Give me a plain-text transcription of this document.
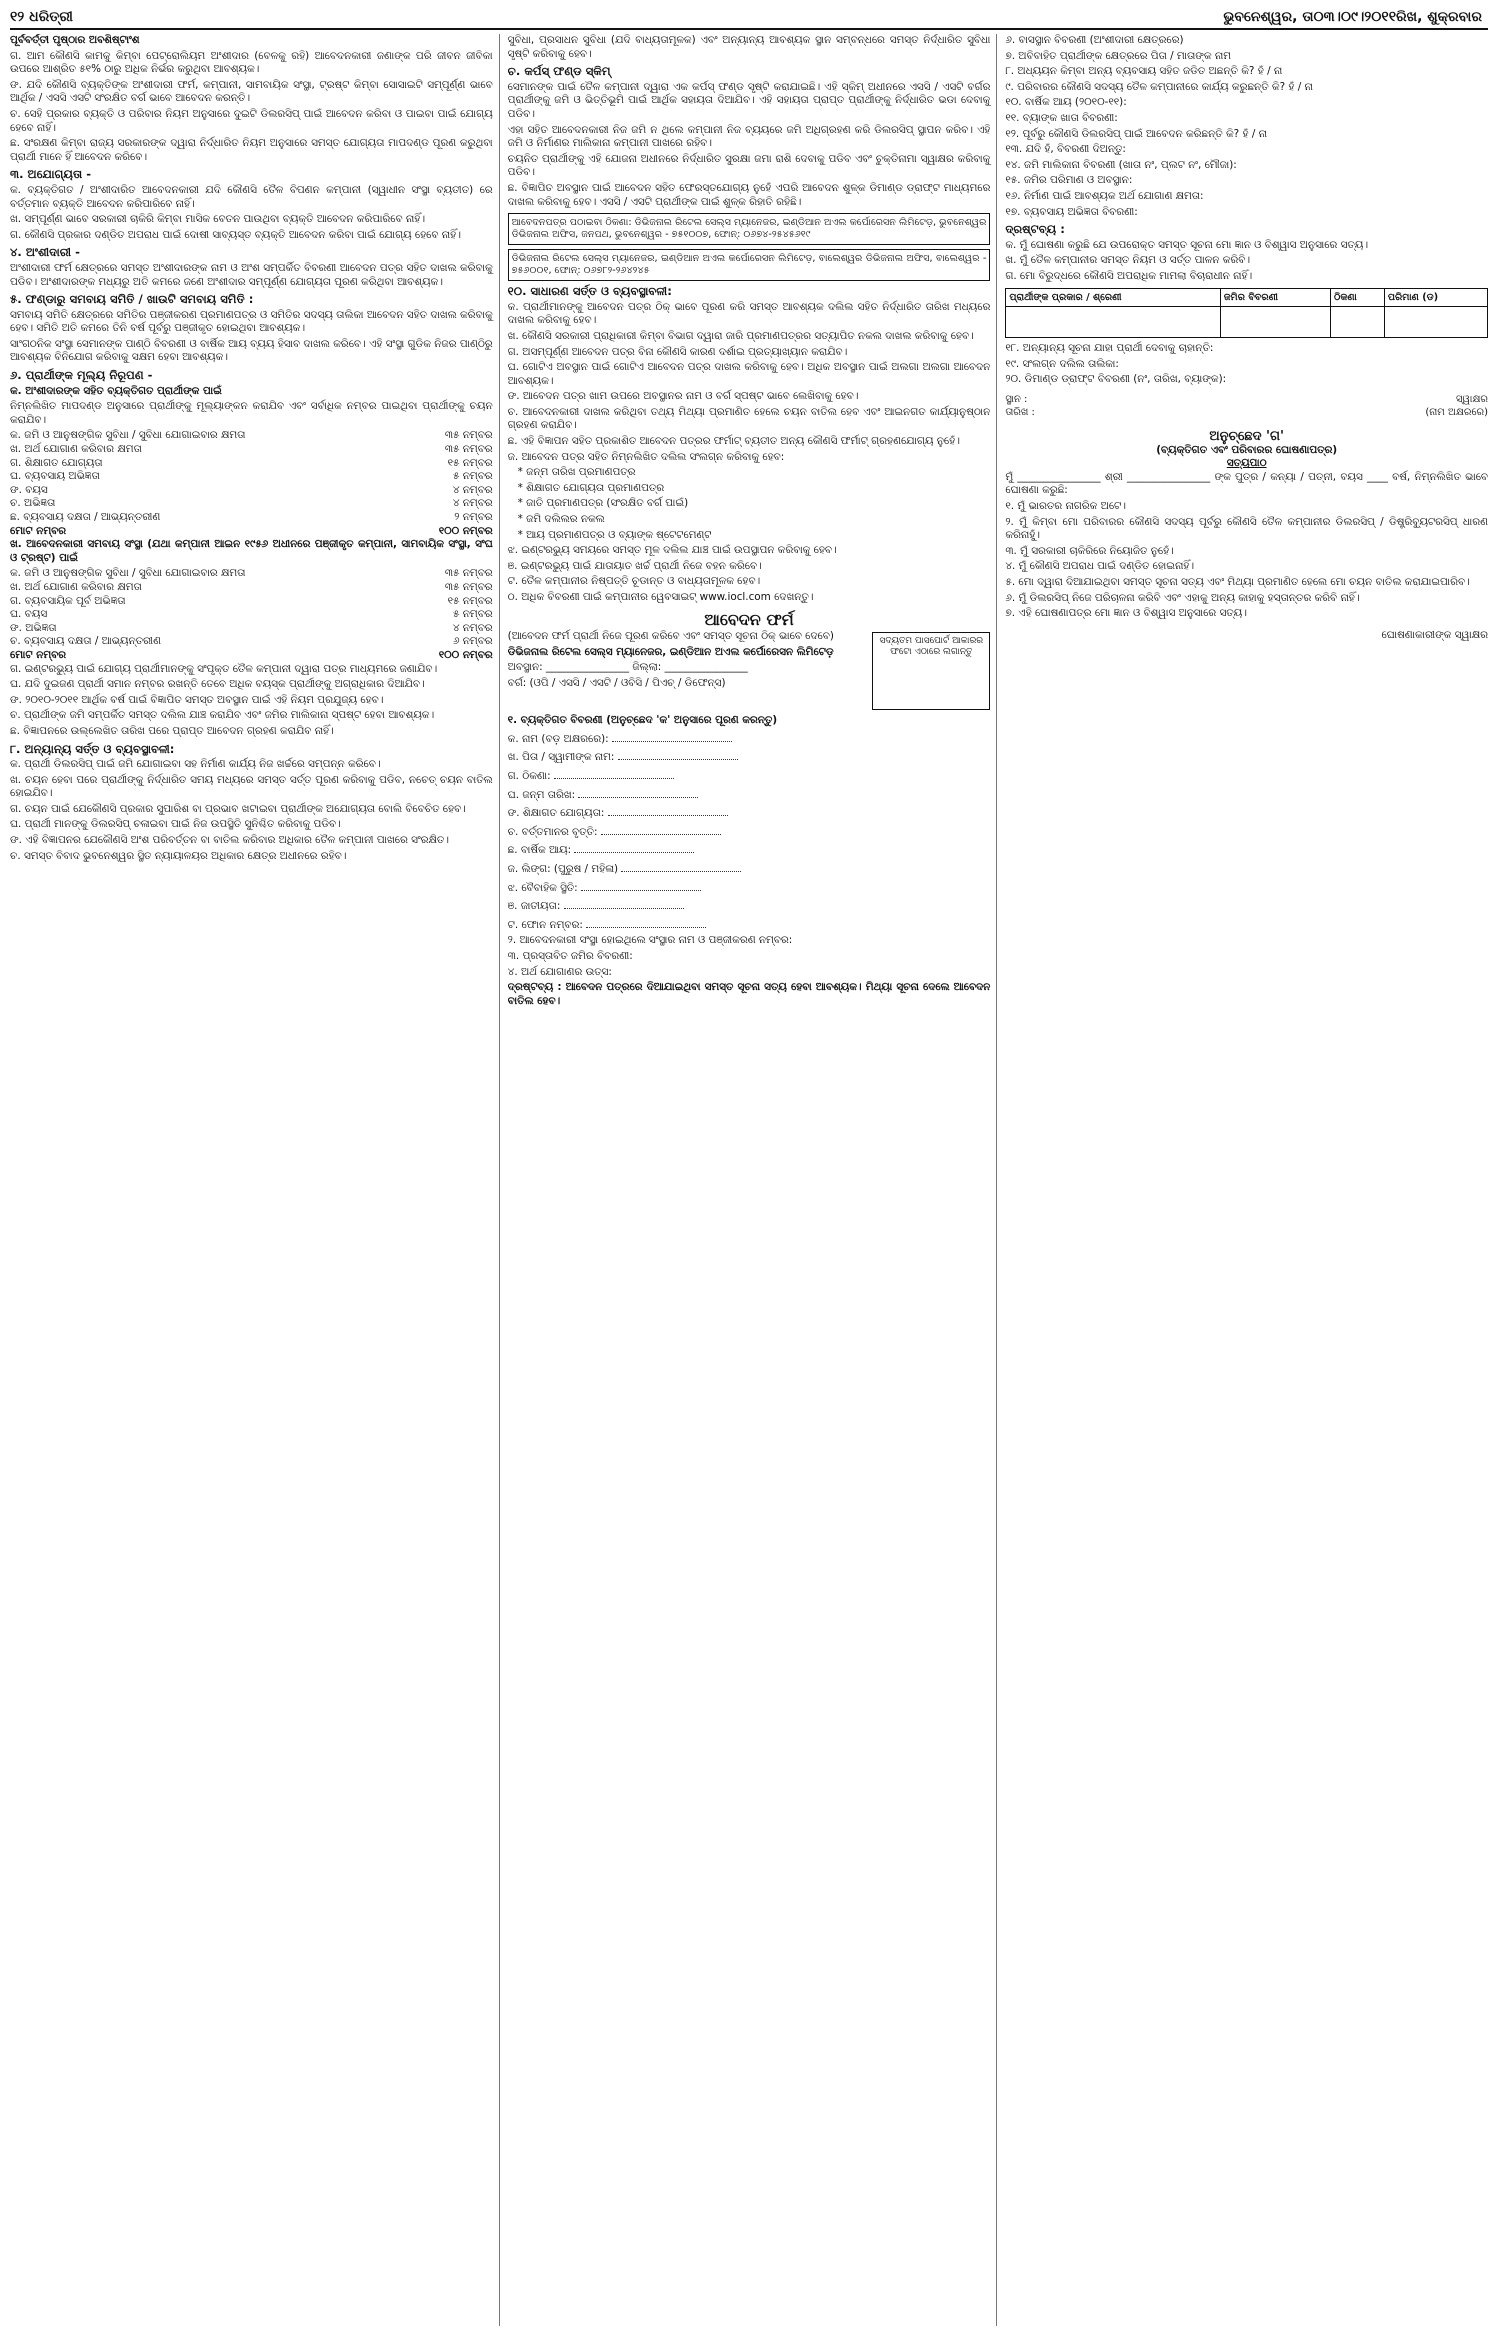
୧୨ ଧରିତ୍ରୀ	ଭୁବନେଶ୍ୱର, ତା୦୩।୦୯।୨୦୧୧ରିଖ, ଶୁକ୍ରବାର

ପୂର୍ବବର୍ତ୍ତୀ ପୃଷ୍ଠାର ଅବଶିଷ୍ଟାଂଶ

ଗ. ଆମ କୌଣସି କାମକୁ କିମ୍ବା ପେଟ୍ରୋଲିୟମ ଅଂଶୀଦାର (ବେଳକୁ ରହି) ଆବେଦନକାରୀ ଜଣାଙ୍କ ପରି ଜୀବନ ଜୀବିକା ଉପରେ ଆଶ୍ରିତ ୫୧% ଠାରୁ ଅଧିକ ନିର୍ଭର କରୁଥିବା ଆବଶ୍ୟକ।

ଙ. ଯଦି କୌଣସି ବ୍ୟକ୍ତିଙ୍କ ଅଂଶୀଦାରୀ ଫର୍ମ, କମ୍ପାନୀ, ସାମବାୟିକ ସଂସ୍ଥା, ଟ୍ରଷ୍ଟ କିମ୍ବା ସୋସାଇଟି ସମ୍ପୂର୍ଣ୍ଣ ଭାବେ ଆର୍ଥିକ / ଏସସି ଏସଟି ସଂରକ୍ଷିତ ବର୍ଗ ଭାବେ ଆବେଦନ କରନ୍ତି।

ଚ. ସେହି ପ୍ରକାର ବ୍ୟକ୍ତି ଓ ପରିବାର ନିୟମ ଅନୁସାରେ ଦୁଇଟି ଡିଲରସିପ୍ ପାଇଁ ଆବେଦନ କରିବା ଓ ପାଇବା ପାଇଁ ଯୋଗ୍ୟ ହେବେ ନାହିଁ।

ଛ. ସଂରକ୍ଷଣ କିମ୍ବା ରାଜ୍ୟ ସରକାରଙ୍କ ଦ୍ୱାରା ନିର୍ଦ୍ଧାରିତ ନିୟମ ଅନୁସାରେ ସମସ୍ତ ଯୋଗ୍ୟତା ମାପଦଣ୍ଡ ପୂରଣ କରୁଥିବା ପ୍ରାର୍ଥୀ ମାନେ ହିଁ ଆବେଦନ କରିବେ।

୩. ଅଯୋଗ୍ୟତା -

କ. ବ୍ୟକ୍ତିଗତ / ଅଂଶୀଦାରିତ ଆବେଦନକାରୀ ଯଦି କୌଣସି ତୈଳ ବିପଣନ କମ୍ପାନୀ (ସ୍ୱାଧୀନ ସଂସ୍ଥା ବ୍ୟତୀତ) ରେ ବର୍ତ୍ତମାନ ବ୍ୟକ୍ତି ଆବେଦନ କରିପାରିବେ ନାହିଁ।

ଖ. ସମ୍ପୂର୍ଣ୍ଣ ଭାବେ ସରକାରୀ ଚାକିରି କିମ୍ବା ମାସିକ ବେତନ ପାଉଥିବା ବ୍ୟକ୍ତି ଆବେଦନ କରିପାରିବେ ନାହିଁ।

ଗ. କୌଣସି ପ୍ରକାର ଦଣ୍ଡିତ ଅପରାଧ ପାଇଁ ଦୋଷୀ ସାବ୍ୟସ୍ତ ବ୍ୟକ୍ତି ଆବେଦନ କରିବା ପାଇଁ ଯୋଗ୍ୟ ହେବେ ନାହିଁ।

୪. ଅଂଶୀଦାରୀ -

ଅଂଶୀଦାରୀ ଫର୍ମ କ୍ଷେତ୍ରରେ ସମସ୍ତ ଅଂଶୀଦାରଙ୍କ ନାମ ଓ ଅଂଶ ସମ୍ପର୍କିତ ବିବରଣୀ ଆବେଦନ ପତ୍ର ସହିତ ଦାଖଲ କରିବାକୁ ପଡିବ। ଅଂଶୀଦାରଙ୍କ ମଧ୍ୟରୁ ଅତି କମରେ ଜଣେ ଅଂଶୀଦାର ସମ୍ପୂର୍ଣ୍ଣ ଯୋଗ୍ୟତା ପୂରଣ କରିଥିବା ଆବଶ୍ୟକ।

୫. ଫଣ୍ଡାରୁ ସମବାୟ ସମିତି / ଖାଉଟି ସମବାୟ ସମିତି :

ସମବାୟ ସମିତି କ୍ଷେତ୍ରରେ ସମିତିର ପଞ୍ଜୀକରଣ ପ୍ରମାଣପତ୍ର ଓ ସମିତିର ସଦସ୍ୟ ତାଲିକା ଆବେଦନ ସହିତ ଦାଖଲ କରିବାକୁ ହେବ। ସମିତି ଅତି କମରେ ତିନି ବର୍ଷ ପୂର୍ବରୁ ପଞ୍ଜୀକୃତ ହୋଇଥିବା ଆବଶ୍ୟକ।

ସାଂଗଠନିକ ସଂସ୍ଥା ସେମାନଙ୍କ ପାଣ୍ଠି ବିବରଣୀ ଓ ବାର୍ଷିକ ଆୟ ବ୍ୟୟ ହିସାବ ଦାଖଲ କରିବେ। ଏହି ସଂସ୍ଥା ଗୁଡିକ ନିଜର ପାଣ୍ଠିରୁ ଆବଶ୍ୟକ ବିନିଯୋଗ କରିବାକୁ ସକ୍ଷମ ହେବା ଆବଶ୍ୟକ।

୬. ପ୍ରାର୍ଥୀଙ୍କ ମୂଲ୍ୟ ନିରୂପଣ -

କ. ଅଂଶୀଦାରଙ୍କ ସହିତ ବ୍ୟକ୍ତିଗତ ପ୍ରାର୍ଥୀଙ୍କ ପାଇଁ

ନିମ୍ନଲିଖିତ ମାପଦଣ୍ଡ ଅନୁସାରେ ପ୍ରାର୍ଥୀଙ୍କୁ ମୂଲ୍ୟାଙ୍କନ କରାଯିବ ଏବଂ ସର୍ବାଧିକ ନମ୍ବର ପାଇଥିବା ପ୍ରାର୍ଥୀଙ୍କୁ ଚୟନ କରାଯିବ।

କ. ଜମି ଓ ଆନୁଷଙ୍ଗିକ ସୁବିଧା / ସୁବିଧା ଯୋଗାଇବାର କ୍ଷମତା	୩୫ ନମ୍ବର
ଖ. ଅର୍ଥ ଯୋଗାଣ କରିବାର କ୍ଷମତା	୩୫ ନମ୍ବର
ଗ. ଶିକ୍ଷାଗତ ଯୋଗ୍ୟତା	୧୫ ନମ୍ବର
ଘ. ବ୍ୟବସାୟ ଅଭିଜ୍ଞତା	୫ ନମ୍ବର
ଙ. ବୟସ	୪ ନମ୍ବର
ଚ. ଅଭିଜ୍ଞତା	୪ ନମ୍ବର
ଛ. ବ୍ୟବସାୟ ଦକ୍ଷତା / ଆଭ୍ୟନ୍ତରୀଣ	୨ ନମ୍ବର
ମୋଟ ନମ୍ବର	୧୦୦ ନମ୍ବର

ଖ. ଆବେଦନକାରୀ ସମବାୟ ସଂସ୍ଥା (ଯଥା କମ୍ପାନୀ ଆଇନ ୧୯୫୬ ଅଧୀନରେ ପଞ୍ଜୀକୃତ କମ୍ପାନୀ, ସାମବାୟିକ ସଂସ୍ଥା, ସଂଘ ଓ ଟ୍ରଷ୍ଟ) ପାଇଁ

କ. ଜମି ଓ ଆନୁଷଙ୍ଗିକ ସୁବିଧା / ସୁବିଧା ଯୋଗାଇବାର କ୍ଷମତା	୩୫ ନମ୍ବର
ଖ. ଅର୍ଥ ଯୋଗାଣ କରିବାର କ୍ଷମତା	୩୫ ନମ୍ବର
ଗ. ବ୍ୟବସାୟିକ ପୂର୍ବ ଅଭିଜ୍ଞତା	୧୫ ନମ୍ବର
ଘ. ବୟସ	୫ ନମ୍ବର
ଙ. ଅଭିଜ୍ଞତା	୪ ନମ୍ବର
ଚ. ବ୍ୟବସାୟ ଦକ୍ଷତା / ଆଭ୍ୟନ୍ତରୀଣ	୬ ନମ୍ବର
ମୋଟ ନମ୍ବର	୧୦୦ ନମ୍ବର

ଗ. ଇଣ୍ଟରଭ୍ୟୁ ପାଇଁ ଯୋଗ୍ୟ ପ୍ରାର୍ଥୀମାନଙ୍କୁ ସଂପୃକ୍ତ ତୈଳ କମ୍ପାନୀ ଦ୍ୱାରା ପତ୍ର ମାଧ୍ୟମରେ ଜଣାଯିବ।

ଘ. ଯଦି ଦୁଇଜଣ ପ୍ରାର୍ଥୀ ସମାନ ନମ୍ବର ରଖନ୍ତି ତେବେ ଅଧିକ ବୟସ୍କ ପ୍ରାର୍ଥୀଙ୍କୁ ଅଗ୍ରାଧିକାର ଦିଆଯିବ।

ଙ. ୨୦୧୦-୨୦୧୧ ଆର୍ଥିକ ବର୍ଷ ପାଇଁ ବିଜ୍ଞାପିତ ସମସ୍ତ ଅବସ୍ଥାନ ପାଇଁ ଏହି ନିୟମ ପ୍ରଯୁଜ୍ୟ ହେବ।

ଚ. ପ୍ରାର୍ଥୀଙ୍କ ଜମି ସମ୍ପର୍କିତ ସମସ୍ତ ଦଲିଲ ଯାଞ୍ଚ କରାଯିବ ଏବଂ ଜମିର ମାଲିକାନା ସ୍ପଷ୍ଟ ହେବା ଆବଶ୍ୟକ।

ଛ. ବିଜ୍ଞାପନରେ ଉଲ୍ଲେଖିତ ତାରିଖ ପରେ ପ୍ରାପ୍ତ ଆବେଦନ ଗ୍ରହଣ କରାଯିବ ନାହିଁ।

୮. ଅନ୍ୟାନ୍ୟ ସର୍ତ୍ତ ଓ ବ୍ୟବସ୍ଥାବଳୀ:

କ. ପ୍ରାର୍ଥୀ ଡିଲରସିପ୍ ପାଇଁ ଜମି ଯୋଗାଇବା ସହ ନିର୍ମାଣ କାର୍ଯ୍ୟ ନିଜ ଖର୍ଚ୍ଚରେ ସମ୍ପନ୍ନ କରିବେ।

ଖ. ଚୟନ ହେବା ପରେ ପ୍ରାର୍ଥୀଙ୍କୁ ନିର୍ଦ୍ଧାରିତ ସମୟ ମଧ୍ୟରେ ସମସ୍ତ ସର୍ତ୍ତ ପୂରଣ କରିବାକୁ ପଡିବ, ନଚେତ୍ ଚୟନ ବାତିଲ ହୋଇଯିବ।

ଗ. ଚୟନ ପାଇଁ ଯେକୌଣସି ପ୍ରକାର ସୁପାରିଶ ବା ପ୍ରଭାବ ଖଟାଇବା ପ୍ରାର୍ଥୀଙ୍କ ଅଯୋଗ୍ୟତା ବୋଲି ବିବେଚିତ ହେବ।

ଘ. ପ୍ରାର୍ଥୀ ମାନଙ୍କୁ ଡିଲରସିପ୍ ଚଳାଇବା ପାଇଁ ନିଜ ଉପସ୍ଥିତି ସୁନିଶ୍ଚିତ କରିବାକୁ ପଡିବ।

ଙ. ଏହି ବିଜ୍ଞାପନର ଯେକୌଣସି ଅଂଶ ପରିବର୍ତ୍ତନ ବା ବାତିଲ କରିବାର ଅଧିକାର ତୈଳ କମ୍ପାନୀ ପାଖରେ ସଂରକ୍ଷିତ।

ଚ. ସମସ୍ତ ବିବାଦ ଭୁବନେଶ୍ୱର ସ୍ଥିତ ନ୍ୟାୟାଳୟର ଅଧିକାର କ୍ଷେତ୍ର ଅଧୀନରେ ରହିବ।

ସୁବିଧା, ପ୍ରସାଧନ ସୁବିଧା (ଯଦି ବାଧ୍ୟତାମୂଳକ) ଏବଂ ଅନ୍ୟାନ୍ୟ ଆବଶ୍ୟକ ସ୍ଥାନ ସମ୍ବନ୍ଧରେ ସମସ୍ତ ନିର୍ଦ୍ଧାରିତ ସୁବିଧା ସୃଷ୍ଟି କରିବାକୁ ହେବ।

ଚ. କର୍ପସ୍ ଫଣ୍ଡ ସ୍କିମ୍

ସେମାନଙ୍କ ପାଇଁ ତୈଳ କମ୍ପାନୀ ଦ୍ୱାରା ଏକ କର୍ପସ୍ ଫଣ୍ଡ ସୃଷ୍ଟି କରାଯାଇଛି। ଏହି ସ୍କିମ୍ ଅଧୀନରେ ଏସସି / ଏସଟି ବର୍ଗର ପ୍ରାର୍ଥୀଙ୍କୁ ଜମି ଓ ଭିତ୍ତିଭୂମି ପାଇଁ ଆର୍ଥିକ ସହାୟତା ଦିଆଯିବ। ଏହି ସହାୟତା ପ୍ରାପ୍ତ ପ୍ରାର୍ଥୀଙ୍କୁ ନିର୍ଦ୍ଧାରିତ ଭଡା ଦେବାକୁ ପଡିବ।

ଏହା ସହିତ ଆବେଦନକାରୀ ନିଜ ଜମି ନ ଥିଲେ କମ୍ପାନୀ ନିଜ ବ୍ୟୟରେ ଜମି ଅଧିଗ୍ରହଣ କରି ଡିଲରସିପ୍ ସ୍ଥାପନ କରିବ। ଏହି ଜମି ଓ ନିର୍ମାଣର ମାଲିକାନା କମ୍ପାନୀ ପାଖରେ ରହିବ।

ଚୟନିତ ପ୍ରାର୍ଥୀଙ୍କୁ ଏହି ଯୋଜନା ଅଧୀନରେ ନିର୍ଦ୍ଧାରିତ ସୁରକ୍ଷା ଜମା ରାଶି ଦେବାକୁ ପଡିବ ଏବଂ ଚୁକ୍ତିନାମା ସ୍ୱାକ୍ଷର କରିବାକୁ ପଡିବ।

ଛ. ବିଜ୍ଞାପିତ ଅବସ୍ଥାନ ପାଇଁ ଆବେଦନ ସହିତ ଫେରସ୍ତଯୋଗ୍ୟ ନୁହେଁ ଏପରି ଆବେଦନ ଶୁଳ୍କ ଡିମାଣ୍ଡ ଡ୍ରାଫ୍ଟ ମାଧ୍ୟମରେ ଦାଖଲ କରିବାକୁ ହେବ। ଏସସି / ଏସଟି ପ୍ରାର୍ଥୀଙ୍କ ପାଇଁ ଶୁଳ୍କ ରିହାତି ରହିଛି।

ଆବେଦନପତ୍ର ପଠାଇବା ଠିକଣା: ଡିଭିଜନାଲ ରିଟେଲ ସେଲ୍ସ ମ୍ୟାନେଜର, ଇଣ୍ଡିଆନ ଅଏଲ କର୍ପୋରେସନ ଲିମିଟେଡ଼, ଭୁବନେଶ୍ୱର ଡିଭିଜନାଲ ଅଫିସ, ଜନପଥ, ଭୁବନେଶ୍ୱର - ୭୫୧୦୦୭, ଫୋନ୍: ୦୬୭୪-୨୫୪୫୬୧୯
ଡିଭିଜନାଲ ରିଟେଲ ସେଲ୍ସ ମ୍ୟାନେଜର, ଇଣ୍ଡିଆନ ଅଏଲ କର୍ପୋରେସନ ଲିମିଟେଡ଼, ବାଲେଶ୍ୱର ଡିଭିଜନାଲ ଅଫିସ, ବାଲେଶ୍ୱର - ୭୫୬୦୦୧, ଫୋନ୍: ୦୬୭୮୨-୨୬୪୨୪୫
୧୦. ସାଧାରଣ ସର୍ତ୍ତ ଓ ବ୍ୟବସ୍ଥାବଳୀ:

କ. ପ୍ରାର୍ଥୀମାନଙ୍କୁ ଆବେଦନ ପତ୍ର ଠିକ୍ ଭାବେ ପୂରଣ କରି ସମସ୍ତ ଆବଶ୍ୟକ ଦଲିଲ ସହିତ ନିର୍ଦ୍ଧାରିତ ତାରିଖ ମଧ୍ୟରେ ଦାଖଲ କରିବାକୁ ହେବ।

ଖ. କୌଣସି ସରକାରୀ ପ୍ରାଧିକାରୀ କିମ୍ବା ବିଭାଗ ଦ୍ୱାରା ଜାରି ପ୍ରମାଣପତ୍ରର ସତ୍ୟାପିତ ନକଲ ଦାଖଲ କରିବାକୁ ହେବ।

ଗ. ଅସମ୍ପୂର୍ଣ୍ଣ ଆବେଦନ ପତ୍ର ବିନା କୌଣସି କାରଣ ଦର୍ଶାଇ ପ୍ରତ୍ୟାଖ୍ୟାନ କରାଯିବ।

ଘ. ଗୋଟିଏ ଅବସ୍ଥାନ ପାଇଁ ଗୋଟିଏ ଆବେଦନ ପତ୍ର ଦାଖଲ କରିବାକୁ ହେବ। ଅଧିକ ଅବସ୍ଥାନ ପାଇଁ ଅଲଗା ଅଲଗା ଆବେଦନ ଆବଶ୍ୟକ।

ଙ. ଆବେଦନ ପତ୍ର ଖାମ ଉପରେ ଅବସ୍ଥାନର ନାମ ଓ ବର୍ଗ ସ୍ପଷ୍ଟ ଭାବେ ଲେଖିବାକୁ ହେବ।

ଚ. ଆବେଦନକାରୀ ଦାଖଲ କରିଥିବା ତଥ୍ୟ ମିଥ୍ୟା ପ୍ରମାଣିତ ହେଲେ ଚୟନ ବାତିଲ ହେବ ଏବଂ ଆଇନଗତ କାର୍ଯ୍ୟାନୁଷ୍ଠାନ ଗ୍ରହଣ କରାଯିବ।

ଛ. ଏହି ବିଜ୍ଞାପନ ସହିତ ପ୍ରକାଶିତ ଆବେଦନ ପତ୍ରର ଫର୍ମାଟ୍ ବ୍ୟତୀତ ଅନ୍ୟ କୌଣସି ଫର୍ମାଟ୍ ଗ୍ରହଣଯୋଗ୍ୟ ନୁହେଁ।

ଜ. ଆବେଦନ ପତ୍ର ସହିତ ନିମ୍ନଲିଖିତ ଦଲିଲ ସଂଲଗ୍ନ କରିବାକୁ ହେବ:

* ଜନ୍ମ ତାରିଖ ପ୍ରମାଣପତ୍ର

* ଶିକ୍ଷାଗତ ଯୋଗ୍ୟତା ପ୍ରମାଣପତ୍ର

* ଜାତି ପ୍ରମାଣପତ୍ର (ସଂରକ୍ଷିତ ବର୍ଗ ପାଇଁ)

* ଜମି ଦଲିଲର ନକଲ

* ଆୟ ପ୍ରମାଣପତ୍ର ଓ ବ୍ୟାଙ୍କ ଷ୍ଟେଟମେଣ୍ଟ

ଝ. ଇଣ୍ଟରଭ୍ୟୁ ସମୟରେ ସମସ୍ତ ମୂଳ ଦଲିଲ ଯାଞ୍ଚ ପାଇଁ ଉପସ୍ଥାପନ କରିବାକୁ ହେବ।

ଞ. ଇଣ୍ଟରଭ୍ୟୁ ପାଇଁ ଯାତାୟାତ ଖର୍ଚ୍ଚ ପ୍ରାର୍ଥୀ ନିଜେ ବହନ କରିବେ।

ଟ. ତୈଳ କମ୍ପାନୀର ନିଷ୍ପତ୍ତି ଚୂଡାନ୍ତ ଓ ବାଧ୍ୟତାମୂଳକ ହେବ।

ଠ. ଅଧିକ ବିବରଣୀ ପାଇଁ କମ୍ପାନୀର ୱେବସାଇଟ୍ www.iocl.com ଦେଖନ୍ତୁ।

ଆବେଦନ ଫର୍ମ
ସଦ୍ୟତମ ପାସପୋର୍ଟ ଆକାରର ଫଟୋ ଏଠାରେ ଲଗାନ୍ତୁ

(ଆବେଦନ ଫର୍ମ ପ୍ରାର୍ଥୀ ନିଜେ ପୂରଣ କରିବେ ଏବଂ ସମସ୍ତ ସୂଚନା ଠିକ୍ ଭାବେ ଦେବେ)

ଡିଭିଜନାଲ ରିଟେଲ ସେଲ୍ସ ମ୍ୟାନେଜର, ଇଣ୍ଡିଆନ ଅଏଲ କର୍ପୋରେସନ ଲିମିଟେଡ଼

ଅବସ୍ଥାନ: ________________ ଜିଲ୍ଲା: ________________

ବର୍ଗ: (ଓପି / ଏସସି / ଏସଟି / ଓବିସି / ପିଏଚ୍ / ଡିଫେନ୍ସ)

୧. ବ୍ୟକ୍ତିଗତ ବିବରଣୀ (ଅନୁଚ୍ଛେଦ 'କ' ଅନୁସାରେ ପୂରଣ କରନ୍ତୁ)

କ. ନାମ (ବଡ଼ ଅକ୍ଷରରେ):

ଖ. ପିତା / ସ୍ୱାମୀଙ୍କ ନାମ:

ଗ. ଠିକଣା:

ଘ. ଜନ୍ମ ତାରିଖ:

ଙ. ଶିକ୍ଷାଗତ ଯୋଗ୍ୟତା:

ଚ. ବର୍ତ୍ତମାନର ବୃତ୍ତି:

ଛ. ବାର୍ଷିକ ଆୟ:

ଜ. ଲିଙ୍ଗ: (ପୁରୁଷ / ମହିଳା)

ଝ. ବୈବାହିକ ସ୍ଥିତି:

ଞ. ଜାତୀୟତା:

ଟ. ଫୋନ ନମ୍ବର:

୨. ଆବେଦନକାରୀ ସଂସ୍ଥା ହୋଇଥିଲେ ସଂସ୍ଥାର ନାମ ଓ ପଞ୍ଜୀକରଣ ନମ୍ବର:

୩. ପ୍ରସ୍ତାବିତ ଜମିର ବିବରଣୀ:

୪. ଅର୍ଥ ଯୋଗାଣର ଉତ୍ସ:

ଦ୍ରଷ୍ଟବ୍ୟ : ଆବେଦନ ପତ୍ରରେ ଦିଆଯାଇଥିବା ସମସ୍ତ ସୂଚନା ସତ୍ୟ ହେବା ଆବଶ୍ୟକ। ମିଥ୍ୟା ସୂଚନା ଦେଲେ ଆବେଦନ ବାତିଲ ହେବ।

୬. ବାସସ୍ଥାନ ବିବରଣୀ (ଅଂଶୀଦାରୀ କ୍ଷେତ୍ରରେ)

୭. ଅବିବାହିତ ପ୍ରାର୍ଥୀଙ୍କ କ୍ଷେତ୍ରରେ ପିତା / ମାତାଙ୍କ ନାମ

୮. ଅଧ୍ୟୟନ କିମ୍ବା ଅନ୍ୟ ବ୍ୟବସାୟ ସହିତ ଜଡିତ ଅଛନ୍ତି କି? ହଁ / ନା

୯. ପରିବାରର କୌଣସି ସଦସ୍ୟ ତୈଳ କମ୍ପାନୀରେ କାର୍ଯ୍ୟ କରୁଛନ୍ତି କି? ହଁ / ନା

୧୦. ବାର୍ଷିକ ଆୟ (୨୦୧୦-୧୧):

୧୧. ବ୍ୟାଙ୍କ ଖାତା ବିବରଣୀ:

୧୨. ପୂର୍ବରୁ କୌଣସି ଡିଲରସିପ୍ ପାଇଁ ଆବେଦନ କରିଛନ୍ତି କି? ହଁ / ନା

୧୩. ଯଦି ହଁ, ବିବରଣୀ ଦିଅନ୍ତୁ:

୧୪. ଜମି ମାଲିକାନା ବିବରଣୀ (ଖାତା ନଂ, ପ୍ଲଟ ନଂ, ମୌଜା):

୧୫. ଜମିର ପରିମାଣ ଓ ଅବସ୍ଥାନ:

୧୬. ନିର୍ମାଣ ପାଇଁ ଆବଶ୍ୟକ ଅର୍ଥ ଯୋଗାଣ କ୍ଷମତା:

୧୭. ବ୍ୟବସାୟ ଅଭିଜ୍ଞତା ବିବରଣୀ:

ଦ୍ରଷ୍ଟବ୍ୟ :

କ. ମୁଁ ଘୋଷଣା କରୁଛି ଯେ ଉପରୋକ୍ତ ସମସ୍ତ ସୂଚନା ମୋ ଜ୍ଞାନ ଓ ବିଶ୍ୱାସ ଅନୁସାରେ ସତ୍ୟ।

ଖ. ମୁଁ ତୈଳ କମ୍ପାନୀର ସମସ୍ତ ନିୟମ ଓ ସର୍ତ୍ତ ପାଳନ କରିବି।

ଗ. ମୋ ବିରୁଦ୍ଧରେ କୌଣସି ଅପରାଧିକ ମାମଲା ବିଚାରାଧୀନ ନାହିଁ।

ପ୍ରାର୍ଥୀଙ୍କ ପ୍ରକାର / ଶ୍ରେଣୀ	ଜମିର ବିବରଣୀ	ଠିକଣା	ପରିମାଣ (ଡ)

୧୮. ଅନ୍ୟାନ୍ୟ ସୂଚନା ଯାହା ପ୍ରାର୍ଥୀ ଦେବାକୁ ଚାହାନ୍ତି:

୧୯. ସଂଲଗ୍ନ ଦଲିଲ ତାଲିକା:

୨୦. ଡିମାଣ୍ଡ ଡ୍ରାଫ୍ଟ ବିବରଣୀ (ନଂ, ତାରିଖ, ବ୍ୟାଙ୍କ):

ସ୍ଥାନ :
ତାରିଖ :
ସ୍ୱାକ୍ଷର
(ନାମ ଅକ୍ଷରରେ)
ଅନୁଚ୍ଛେଦ 'ଗ'
(ବ୍ୟକ୍ତିଗତ ଏବଂ ପରିବାରର ଘୋଷଣାପତ୍ର)
ସତ୍ୟପାଠ

ମୁଁ ________________ ଶ୍ରୀ ________________ ଙ୍କ ପୁତ୍ର / କନ୍ୟା / ପତ୍ନୀ, ବୟସ ____ ବର୍ଷ, ନିମ୍ନଲିଖିତ ଭାବେ ଘୋଷଣା କରୁଛି:

୧. ମୁଁ ଭାରତର ନାଗରିକ ଅଟେ।

୨. ମୁଁ କିମ୍ବା ମୋ ପରିବାରର କୌଣସି ସଦସ୍ୟ ପୂର୍ବରୁ କୌଣସି ତୈଳ କମ୍ପାନୀର ଡିଲରସିପ୍ / ଡିଷ୍ଟ୍ରିବ୍ୟୁଟରସିପ୍ ଧାରଣ କରିନାହୁଁ।

୩. ମୁଁ ସରକାରୀ ଚାକିରିରେ ନିୟୋଜିତ ନୁହେଁ।

୪. ମୁଁ କୌଣସି ଅପରାଧ ପାଇଁ ଦଣ୍ଡିତ ହୋଇନାହିଁ।

୫. ମୋ ଦ୍ୱାରା ଦିଆଯାଇଥିବା ସମସ୍ତ ସୂଚନା ସତ୍ୟ ଏବଂ ମିଥ୍ୟା ପ୍ରମାଣିତ ହେଲେ ମୋ ଚୟନ ବାତିଲ କରାଯାଇପାରିବ।

୬. ମୁଁ ଡିଲରସିପ୍ ନିଜେ ପରିଚାଳନା କରିବି ଏବଂ ଏହାକୁ ଅନ୍ୟ କାହାକୁ ହସ୍ତାନ୍ତର କରିବି ନାହିଁ।

୭. ଏହି ଘୋଷଣାପତ୍ର ମୋ ଜ୍ଞାନ ଓ ବିଶ୍ୱାସ ଅନୁସାରେ ସତ୍ୟ।

ଘୋଷଣାକାରୀଙ୍କ ସ୍ୱାକ୍ଷର
